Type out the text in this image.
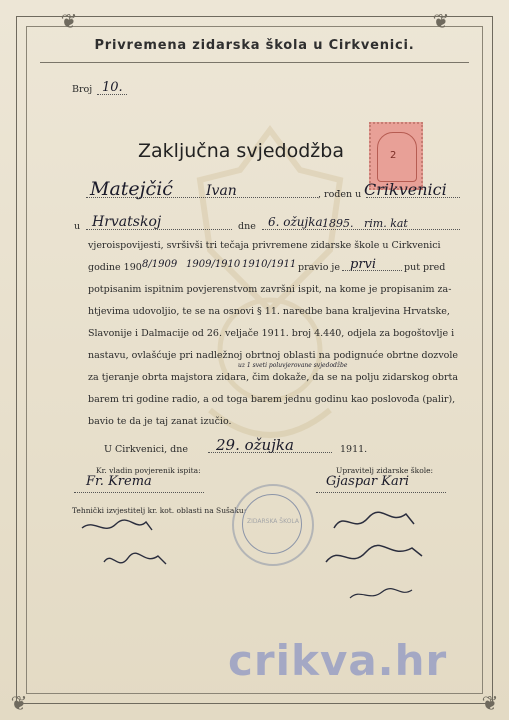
❦	❦
❦	❦
Privremena zidarska škola u Cirkvenici.
Broj 10.
Zaključna svjedodžba	2
Matejčić Ivan	, rođen u Crikvenici
u Hrvatskoj	dne 6. ožujka 1895. rim. kat
vjeroispovijesti, svršivši tri tečaja privremene zidarske škole u Cirkvenici
godine 190 8/1909 1909/1910 1910/1911 pravio je prvi	put pred
potpisanim ispitnim povjerenstvom završni ispit, na kome je propisanim za-
htjevima udovoljio, te se na osnovi § 11. naredbe bana kraljevina Hrvatske,
Slavonije i Dalmacije od 26. veljače 1911. broj 4.440, odjela za bogoštovlje i
nastavu, ovlašćuje pri nadležnoj obrtnoj oblasti na podignuće obrtne dozvole
uz 1 sveti poluvjerovane svjedodžbe
za tjeranje obrta majstora zidara, čim dokaže, da se na polju zidarskog obrta
barem tri godine radio, a od toga barem jednu godinu kao poslovođa (palir),
bavio te da je taj zanat izučio.
U Cirkvenici, dne 29. ožujka	1911.
Kr. vladin povjerenik ispita:	Upravitelj zidarske škole:
Fr. Krema	Gjaspar Kari
Tehnički izvjestitelj kr. kot. oblasti na Sušaku:
ZIDARSKA ŠKOLA
crikva.hr
